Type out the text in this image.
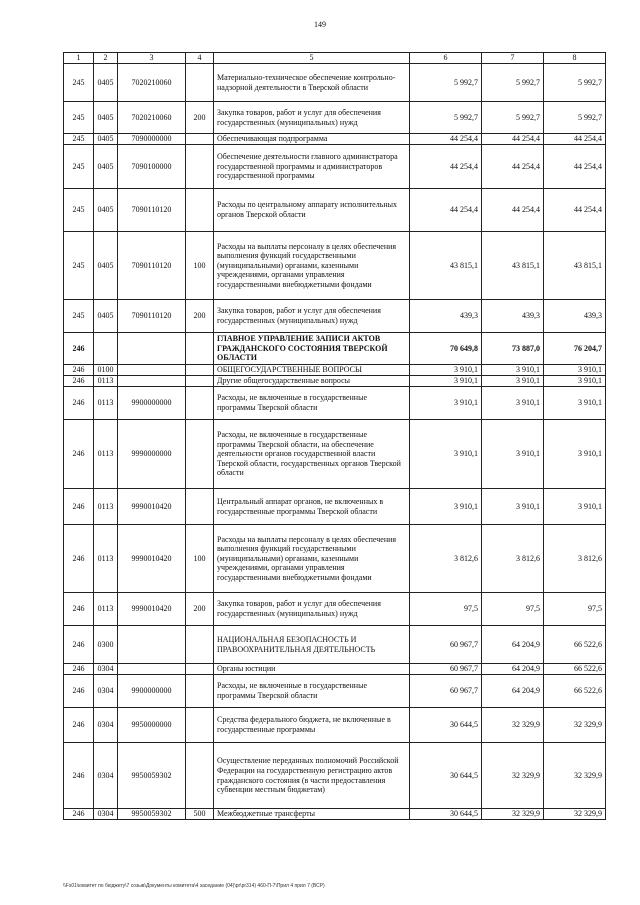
149
1	2	3	4	5	6	7	8
245	0405	7020210060		Материально-техническое обеспечение контрольно-надзорной деятельности в Тверской области	5 992,7	5 992,7	5 992,7
245	0405	7020210060	200	Закупка товаров, работ и услуг для обеспечения государственных (муниципальных) нужд	5 992,7	5 992,7	5 992,7
245	0405	7090000000		Обеспечивающая подпрограмма	44 254,4	44 254,4	44 254,4
245	0405	7090100000		Обеспечение деятельности главного администратора государственной программы и администраторов государственной программы	44 254,4	44 254,4	44 254,4
245	0405	7090110120		Расходы по центральному аппарату исполнительных органов Тверской области	44 254,4	44 254,4	44 254,4
245	0405	7090110120	100	Расходы на выплаты персоналу в целях обеспечения выполнения функций государственными (муниципальными) органами, казенными учреждениями, органами управления государственными внебюджетными фондами	43 815,1	43 815,1	43 815,1
245	0405	7090110120	200	Закупка товаров, работ и услуг для обеспечения государственных (муниципальных) нужд	439,3	439,3	439,3
246				ГЛАВНОЕ УПРАВЛЕНИЕ ЗАПИСИ АКТОВ ГРАЖДАНСКОГО СОСТОЯНИЯ ТВЕРСКОЙ ОБЛАСТИ	70 649,8	73 887,0	76 204,7
246	0100			ОБЩЕГОСУДАРСТВЕННЫЕ ВОПРОСЫ	3 910,1	3 910,1	3 910,1
246	0113			Другие общегосударственные вопросы	3 910,1	3 910,1	3 910,1
246	0113	9900000000		Расходы, не включенные в государственные программы Тверской области	3 910,1	3 910,1	3 910,1
246	0113	9990000000		Расходы, не включенные в государственные программы Тверской области, на обеспечение деятельности органов государственной власти Тверской области, государственных органов Тверской области	3 910,1	3 910,1	3 910,1
246	0113	9990010420		Центральный аппарат органов, не включенных в государственные программы Тверской области	3 910,1	3 910,1	3 910,1
246	0113	9990010420	100	Расходы на выплаты персоналу в целях обеспечения выполнения функций государственными (муниципальными) органами, казенными учреждениями, органами управления государственными внебюджетными фондами	3 812,6	3 812,6	3 812,6
246	0113	9990010420	200	Закупка товаров, работ и услуг для обеспечения государственных (муниципальных) нужд	97,5	97,5	97,5
246	0300			НАЦИОНАЛЬНАЯ БЕЗОПАСНОСТЬ И ПРАВООХРАНИТЕЛЬНАЯ ДЕЯТЕЛЬНОСТЬ	60 967,7	64 204,9	66 522,6
246	0304			Органы юстиции	60 967,7	64 204,9	66 522,6
246	0304	9900000000		Расходы, не включенные в государственные программы Тверской области	60 967,7	64 204,9	66 522,6
246	0304	9950000000		Средства федерального бюджета, не включенные в государственные программы	30 644,5	32 329,9	32 329,9
246	0304	9950059302		Осуществление переданных полномочий Российской Федерации на государственную регистрацию актов гражданского состояния (в части предоставления субвенции местным бюджетам)	30 644,5	32 329,9	32 329,9
246	0304	9950059302	500	Межбюджетные трансферты	30 644,5	32 329,9	32 329,9
\\Fs01\комитет по бюджету\7 созыв\Документы комитета\4 заседание (04)\pr\pr314) 460-П-7\Прил 4 прил 7 (ВСР)
